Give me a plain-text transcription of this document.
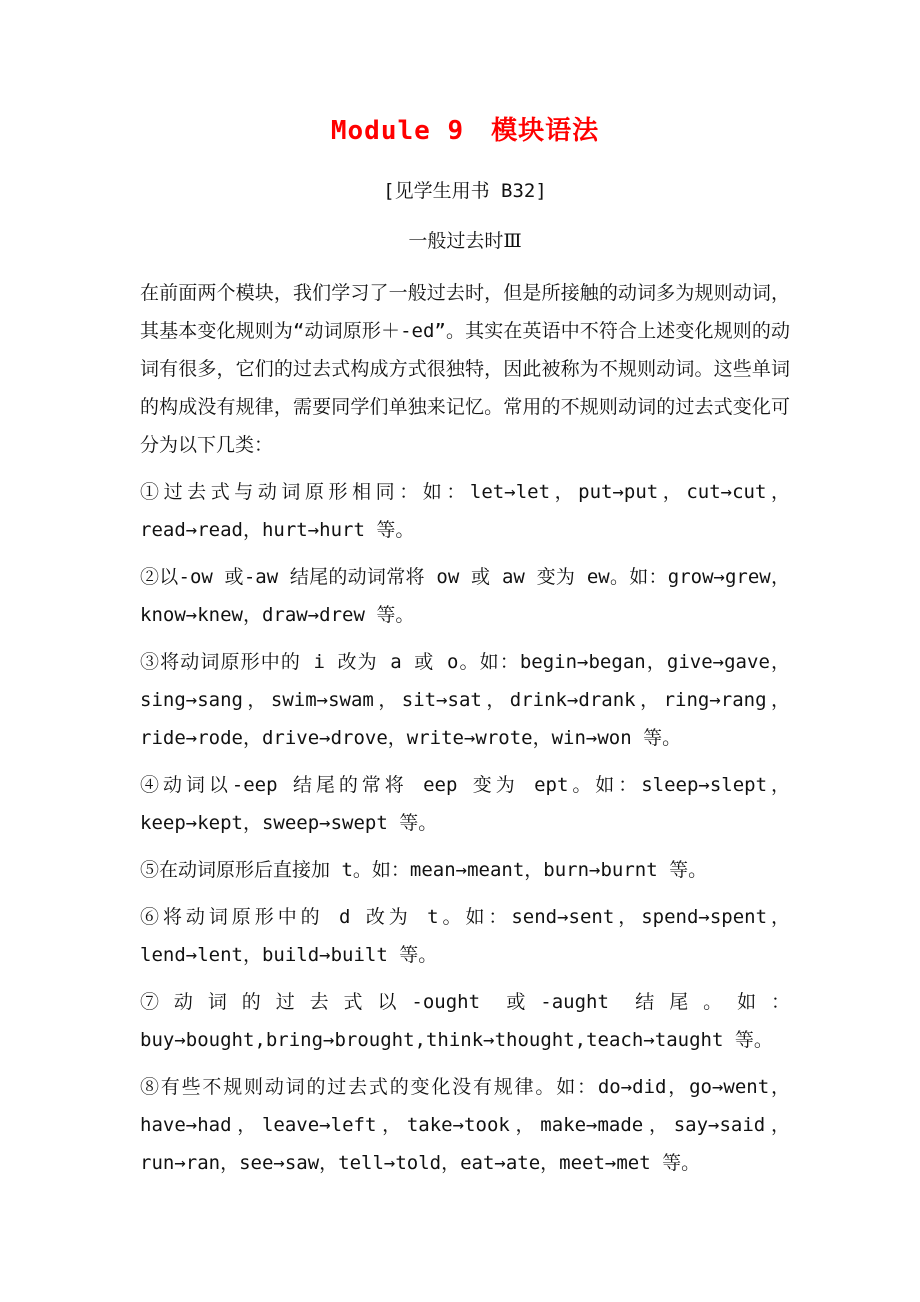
Module 9　模块语法

[见学生用书 B32]

一般过去时Ⅲ

在前面两个模块，我们学习了一般过去时，但是所接触的动词多为规则动词，其基本变化规则为“动词原形＋-ed”。其实在英语中不符合上述变化规则的动词有很多，它们的过去式构成方式很独特，因此被称为不规则动词。这些单词的构成没有规律，需要同学们单独来记忆。常用的不规则动词的过去式变化可分为以下几类：

①过去式与动词原形相同：如：let→let，put→put，cut→cut，read→read，hurt→hurt 等。

②以-ow 或-aw 结尾的动词常将 ow 或 aw 变为 ew。如：grow→grew，know→knew，draw→drew 等。

③将动词原形中的 i 改为 a 或 o。如：begin→began，give→gave，sing→sang，swim→swam，sit→sat，drink→drank，ring→rang，ride→rode，drive→drove，write→wrote，win→won 等。

④动词以-eep 结尾的常将 eep 变为 ept。如：sleep→slept，keep→kept，sweep→swept 等。

⑤在动词原形后直接加 t。如：mean→meant，burn→burnt 等。

⑥将动词原形中的 d 改为 t。如：send→sent，spend→spent，lend→lent，build→built 等。

⑦动词的过去式以-ought 或-aught 结尾。如：buy→bought,bring→brought,think→thought,teach→taught 等。

⑧有些不规则动词的过去式的变化没有规律。如：do→did，go→went，have→had，leave→left，take→took，make→made，say→said，run→ran，see→saw，tell→told，eat→ate，meet→met 等。
